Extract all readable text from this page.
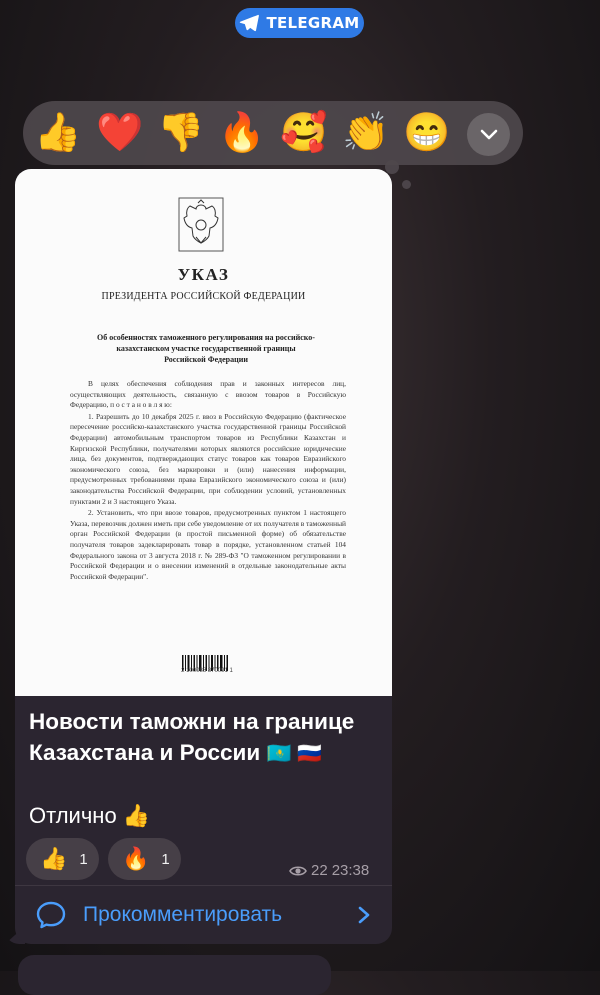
TELEGRAM
👍 ❤️ 👎 🔥 🥰 👏 😁
УКАЗ
ПРЕЗИДЕНТА РОССИЙСКОЙ ФЕДЕРАЦИИ
Об особенностях таможенного регулирования на российско-казахстанском участке государственной границы Российской Федерации

В целях обеспечения соблюдения прав и законных интересов лиц, осуществляющих деятельность, связанную с ввозом товаров в Российскую Федерацию, п о с т а н о в л я ю:

1. Разрешить до 10 декабря 2025 г. ввоз в Российскую Федерацию (фактическое пересечение российско-казахстанского участка государственной границы Российской Федерации) автомобильным транспортом товаров из Республики Казахстан и Киргизской Республики, получателями которых являются российские юридические лица, без документов, подтверждающих статус товаров как товаров Евразийского экономического союза, без маркировки и (или) нанесения информации, предусмотренных требованиями права Евразийского экономического союза и (или) законодательства Российской Федерации, при соблюдении условий, установленных пунктами 2 и 3 настоящего Указа.

2. Установить, что при ввозе товаров, предусмотренных пунктом 1 настоящего Указа, перевозчик должен иметь при себе уведомление от их получателя в таможенный орган Российской Федерации (в простой письменной форме) об обязательстве получателя товаров задекларировать товар в порядке, установленном статьей 104 Федерального закона от 3 августа 2018 г. № 289-ФЗ "О таможенном регулировании в Российской Федерации и о внесении изменений в отдельные законодательные акты Российской Федерации".

2 100088 870091 1
Новости таможни на границе Казахстана и России 🇰🇿 🇷🇺
Отлично 👍
👍 1 🔥 1
22 23:38
Прокомментировать
